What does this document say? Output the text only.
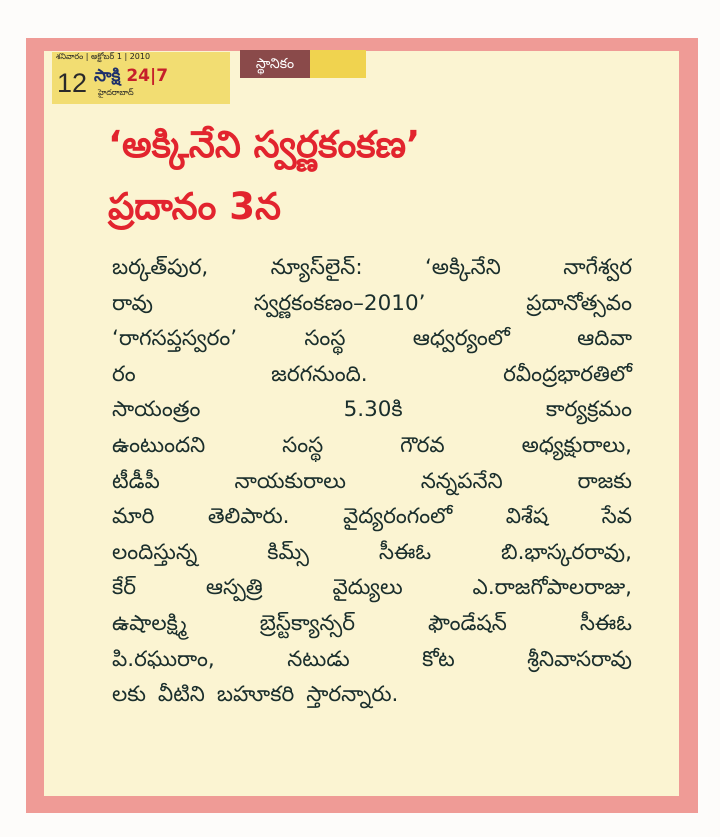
శనివారం | అక్టోబర్ 1 | 2010
12 సాక్షి 24|7
హైదరాబాద్
స్థానికం
‘అక్కినేని స్వర్ణకంకణ’
ప్రదానం 3న
బర్కత్‌పుర,	న్యూస్‌లైన్:	‘అక్కినేని	నాగేశ్వర
రావు	స్వర్ణకంకణం–2010’	ప్రదానోత్సవం
‘రాగసప్తస్వరం’	సంస్థ	ఆధ్వర్యంలో	ఆదివా
రం	జరగనుంది.	రవీంద్రభారతిలో
సాయంత్రం	5.30కి	కార్యక్రమం
ఉంటుందని	సంస్థ	గౌరవ	అధ్యక్షురాలు,
టీడీపీ	నాయకురాలు	నన్నపనేని	రాజకు
మారి తెలిపారు. వైద్యరంగంలో విశేష సేవ
లందిస్తున్న	కిమ్స్	సీఈఓ	బి.భాస్కరరావు,
కేర్	ఆస్పత్రి	వైద్యులు	ఎ.రాజగోపాలరాజు,
ఉషాలక్ష్మి	బ్రెస్ట్‌క్యాన్సర్	ఫౌండేషన్	సీఈఓ
పి.రఘురాం,	నటుడు	కోట	శ్రీనివాసరావు
లకు వీటిని బహూకరి స్తారన్నారు.
